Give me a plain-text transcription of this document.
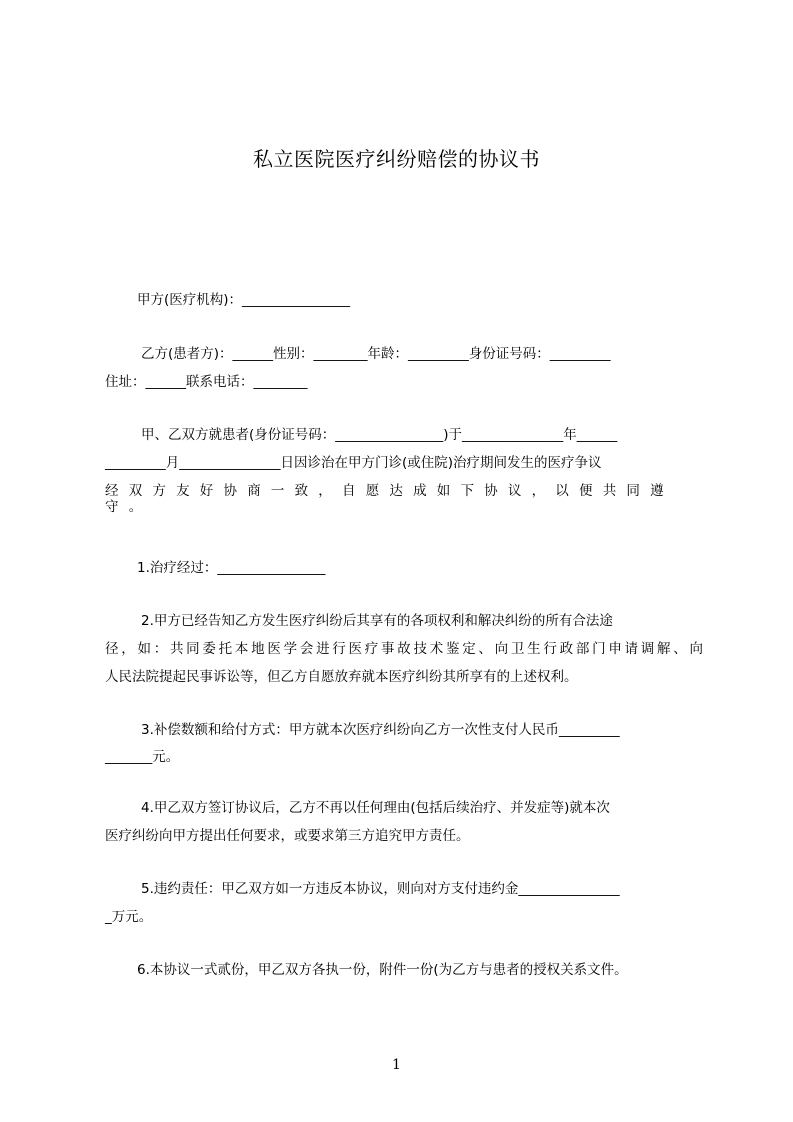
私立医院医疗纠纷赔偿的协议书
甲方(医疗机构)：________________
乙方(患者方)：______性别：________年龄：_________身份证号码：_________
住址：______联系电话：________
甲、乙双方就患者(身份证号码：________________)于_______________年______
_________月_______________日因诊治在甲方门诊(或住院)治疗期间发生的医疗争议
经双方友好协商一致，自愿达成如下协议，以便共同遵守。
1.治疗经过：________________
2.甲方已经告知乙方发生医疗纠纷后其享有的各项权利和解决纠纷的所有合法途
径，如：共同委托本地医学会进行医疗事故技术鉴定、向卫生行政部门申请调解、向
人民法院提起民事诉讼等，但乙方自愿放弃就本医疗纠纷其所享有的上述权利。
3.补偿数额和给付方式：甲方就本次医疗纠纷向乙方一次性支付人民币_________
_______元。
4.甲乙双方签订协议后，乙方不再以任何理由(包括后续治疗、并发症等)就本次
医疗纠纷向甲方提出任何要求，或要求第三方追究甲方责任。
5.违约责任：甲乙双方如一方违反本协议，则向对方支付违约金_______________
_万元。
6.本协议一式贰份，甲乙双方各执一份，附件一份(为乙方与患者的授权关系文件。
1
